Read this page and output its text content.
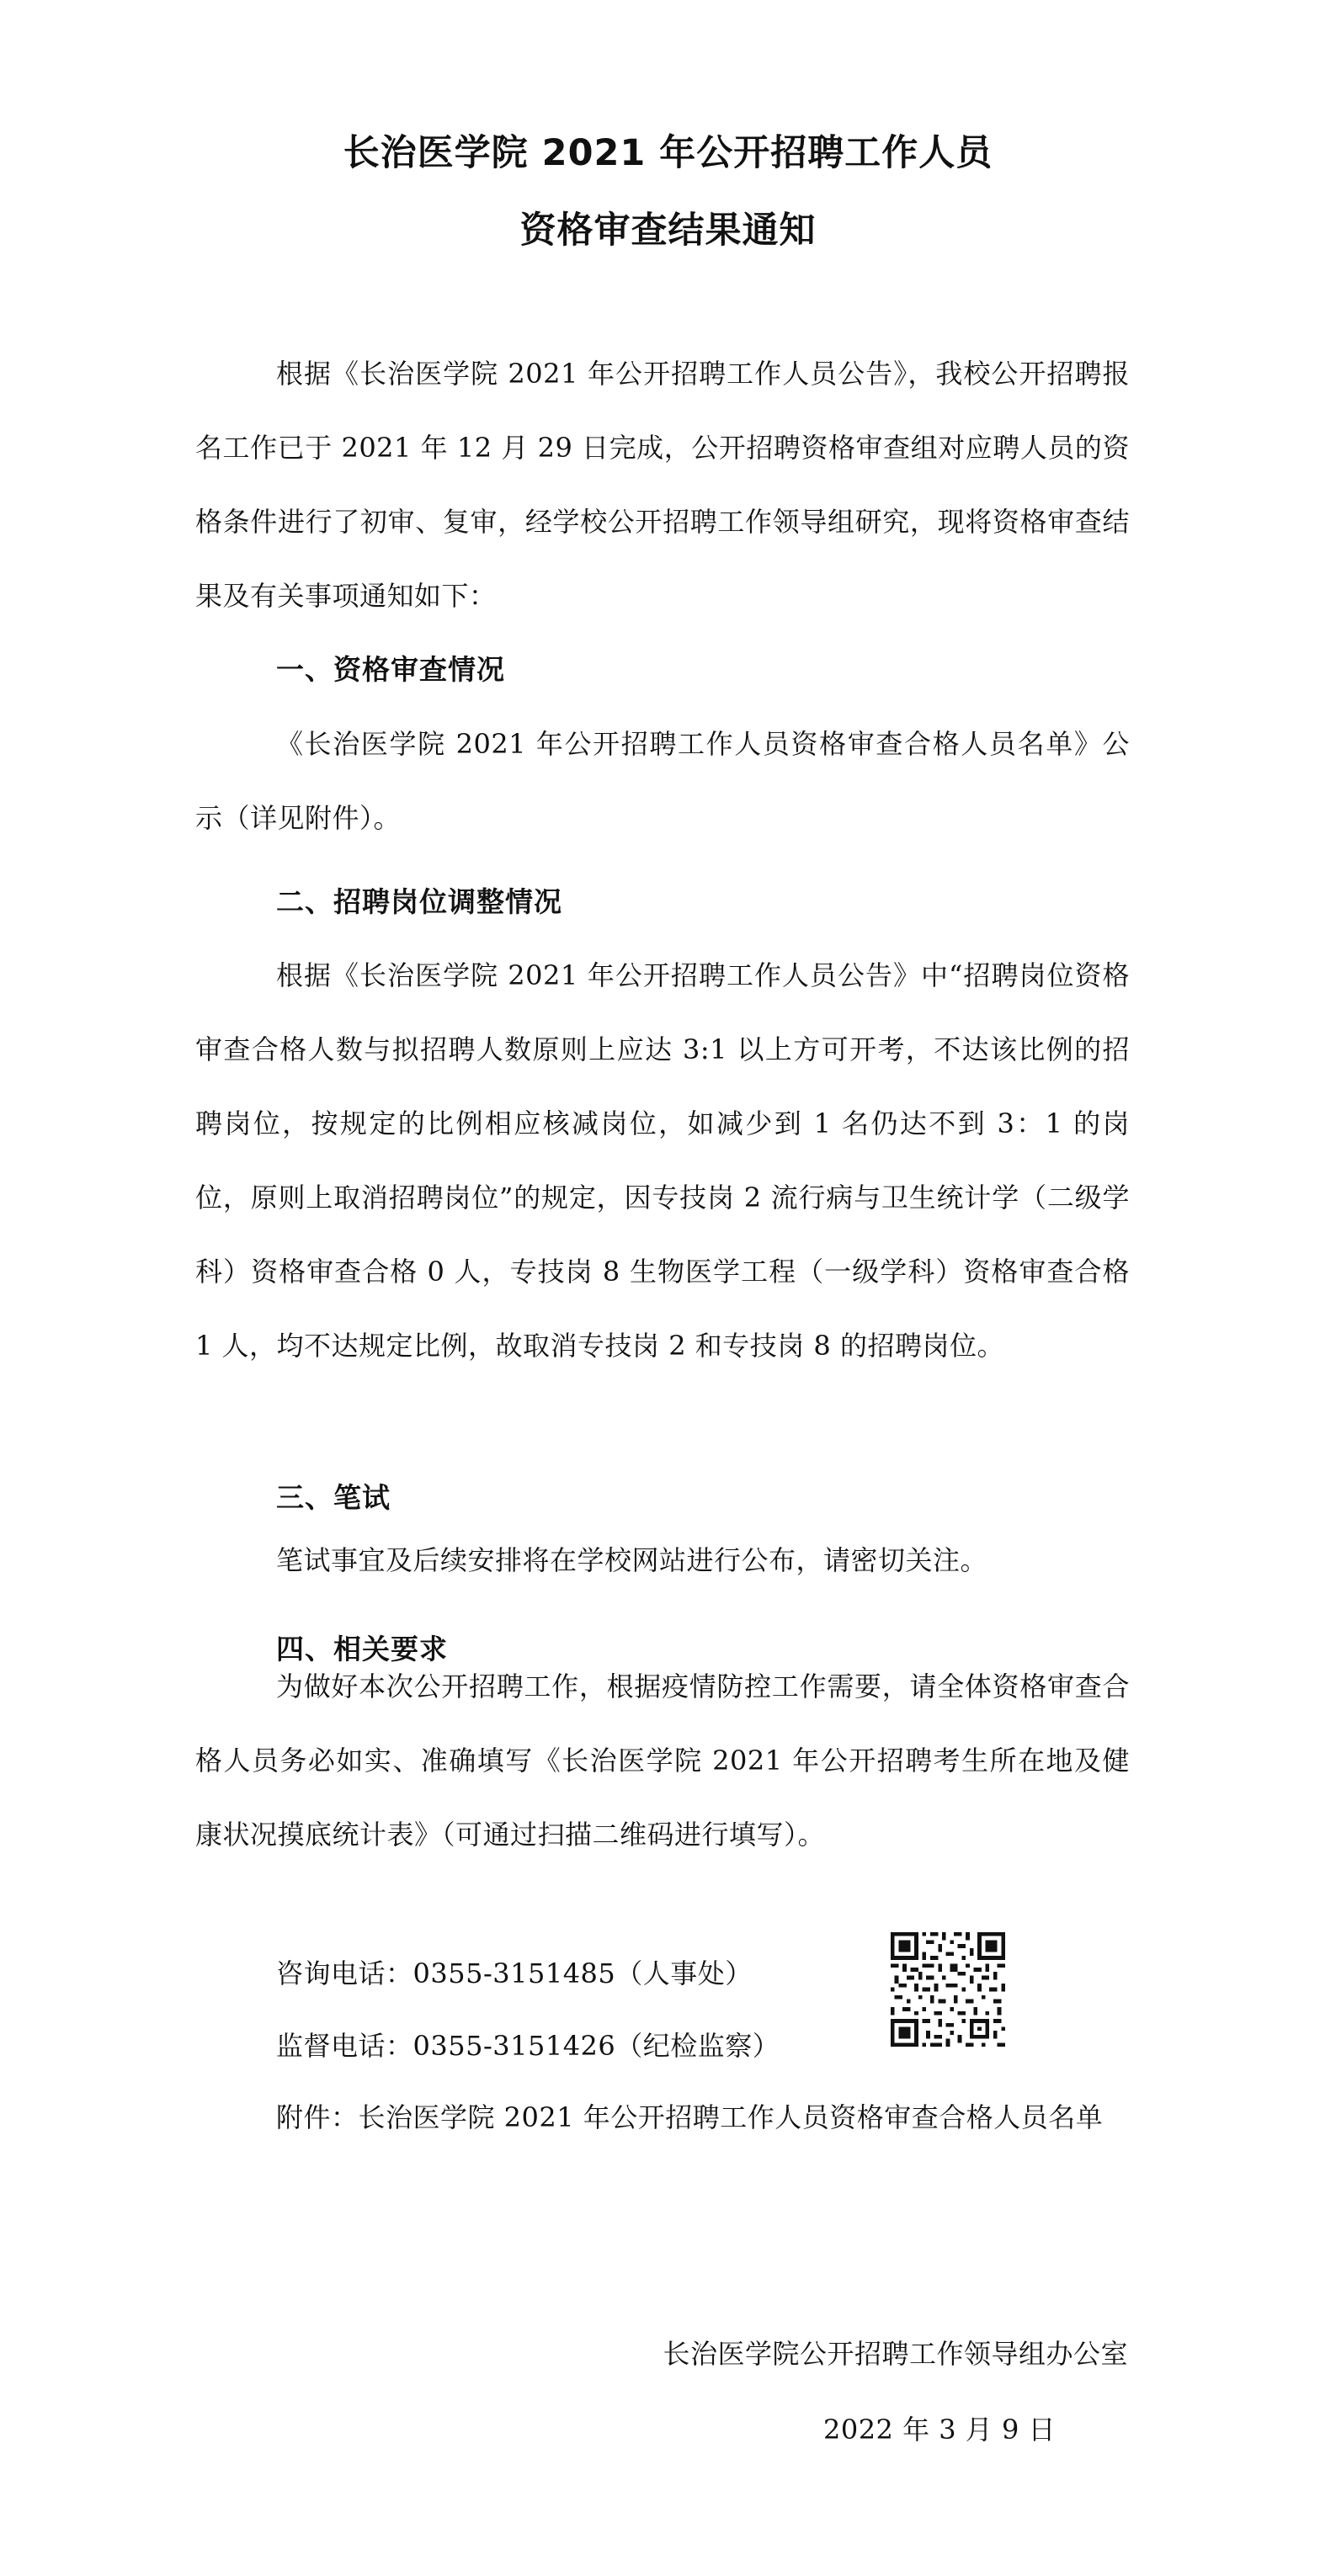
长治医学院 2021 年公开招聘工作人员
资格审查结果通知
根据《长治医学院 2021 年公开招聘工作人员公告》，我校公开招聘报名工作已于 2021 年 12 月 29 日完成，公开招聘资格审查组对应聘人员的资格条件进行了初审、复审，经学校公开招聘工作领导组研究，现将资格审查结果及有关事项通知如下：
一、资格审查情况
《长治医学院 2021 年公开招聘工作人员资格审查合格人员名单》公示（详见附件）。
二、招聘岗位调整情况
根据《长治医学院 2021 年公开招聘工作人员公告》中“招聘岗位资格审查合格人数与拟招聘人数原则上应达 3:1 以上方可开考，不达该比例的招聘岗位，按规定的比例相应核减岗位，如减少到 1 名仍达不到 3：1 的岗位，原则上取消招聘岗位”的规定，因专技岗 2 流行病与卫生统计学（二级学科）资格审查合格 0 人，专技岗 8 生物医学工程（一级学科）资格审查合格 1 人，均不达规定比例，故取消专技岗 2 和专技岗 8 的招聘岗位。
三、笔试
笔试事宜及后续安排将在学校网站进行公布，请密切关注。
四、相关要求
为做好本次公开招聘工作，根据疫情防控工作需要，请全体资格审查合格人员务必如实、准确填写《长治医学院 2021 年公开招聘考生所在地及健康状况摸底统计表》（可通过扫描二维码进行填写）。
咨询电话：0355-3151485（人事处）
监督电话：0355-3151426（纪检监察）
附件：长治医学院 2021 年公开招聘工作人员资格审查合格人员名单
长治医学院公开招聘工作领导组办公室
2022 年 3 月 9 日
